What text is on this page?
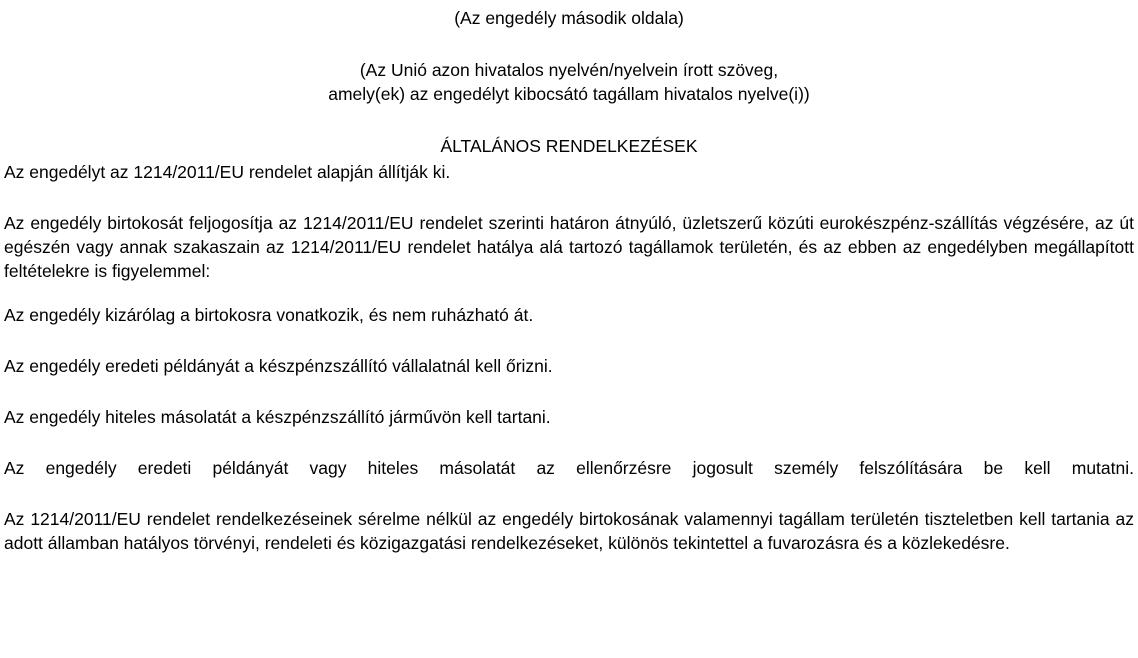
(Az engedély második oldala)
(Az Unió azon hivatalos nyelvén/nyelvein írott szöveg,
amely(ek) az engedélyt kibocsátó tagállam hivatalos nyelve(i))
ÁLTALÁNOS RENDELKEZÉSEK
Az engedélyt az 1214/2011/EU rendelet alapján állítják ki.
Az engedély birtokosát feljogosítja az 1214/2011/EU rendelet szerinti határon átnyúló, üzletszerű közúti eurokészpénz-szállítás végzésére, az út egészén vagy annak szakaszain az 1214/2011/EU rendelet hatálya alá tartozó tagállamok területén, és az ebben az engedélyben megállapított feltételekre is figyelemmel:
Az engedély kizárólag a birtokosra vonatkozik, és nem ruházható át.
Az engedély eredeti példányát a készpénzszállító vállalatnál kell őrizni.
Az engedély hiteles másolatát a készpénzszállító járművön kell tartani.
Az engedély eredeti példányát vagy hiteles másolatát az ellenőrzésre jogosult személy felszólítására be kell mutatni.
Az 1214/2011/EU rendelet rendelkezéseinek sérelme nélkül az engedély birtokosának valamennyi tagállam területén tiszteletben kell tartania az adott államban hatályos törvényi, rendeleti és közigazgatási rendelkezéseket, különös tekintettel a fuvarozásra és a közlekedésre.
